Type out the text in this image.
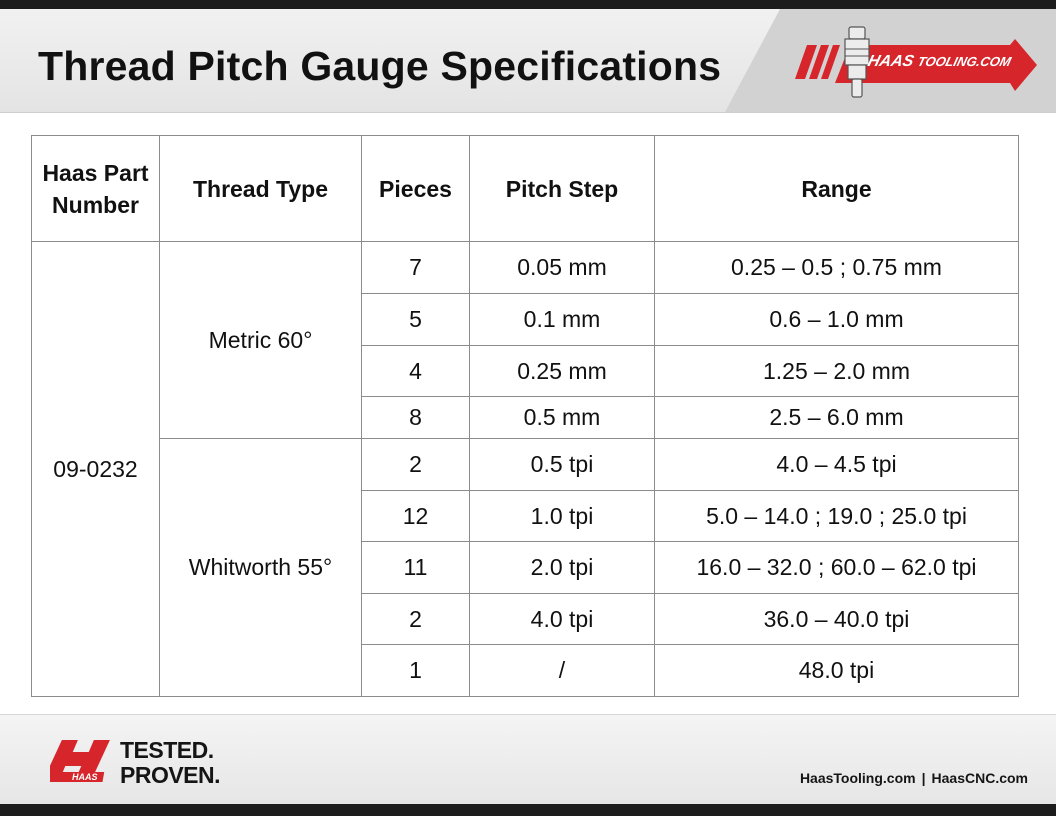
Thread Pitch Gauge Specifications	HAAS TOOLING.COM
Haas Part Number	Thread Type	Pieces	Pitch Step	Range
09-0232	Metric 60°	7	0.05 mm	0.25 – 0.5 ; 0.75 mm
		5	0.1 mm	0.6 – 1.0 mm
		4	0.25 mm	1.25 – 2.0 mm
		8	0.5 mm	2.5 – 6.0 mm
	Whitworth 55°	2	0.5 tpi	4.0 – 4.5 tpi
		12	1.0 tpi	5.0 – 14.0 ; 19.0 ; 25.0 tpi
		11	2.0 tpi	16.0 – 32.0 ; 60.0 – 62.0 tpi
		2	4.0 tpi	36.0 – 40.0 tpi
		1	/	48.0 tpi
HAAS
TESTED.
PROVEN.	HaasTooling.com | HaasCNC.com
